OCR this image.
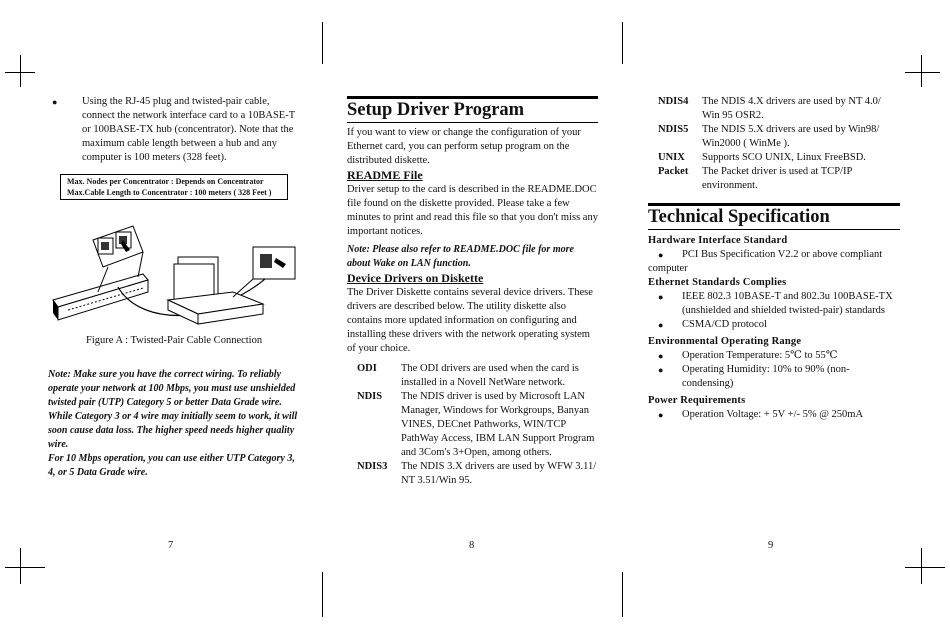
● Using the RJ-45 plug and twisted-pair cable, connect the network interface card to a 10BASE-T or 100BASE-TX hub (concentrator). Note that the maximum cable length between a hub and any computer is 100 meters (328 feet).
Max. Nodes per Concentrator : Depends on Concentrator
Max.Cable Length to Concentrator : 100 meters ( 328 Feet )
Figure A : Twisted-Pair Cable Connection
Note: Make sure you have the correct wiring. To reliably operate your network at 100 Mbps, you must use unshielded twisted pair (UTP) Category 5 or better Data Grade wire. While Category 3 or 4 wire may initially seem to work, it will soon cause data loss. The higher speed needs higher quality wire.
For 10 Mbps operation, you can use either UTP Category 3, 4, or 5 Data Grade wire.
7
Setup Driver Program
If you want to view or change the configuration of your Ethernet card, you can perform setup program on the distributed diskette.
README File
Driver setup to the card is described in the README.DOC file found on the diskette provided. Please take a few minutes to print and read this file so that you don't miss any important notices.
Note: Please also refer to README.DOC file for more about Wake on LAN function.
Device Drivers on Diskette
The Driver Diskette contains several device drivers. These drivers are described below. The utility diskette also contains more updated information on configuring and installing these drivers with the network operating system of your choice.
ODI	The ODI drivers are used when the card is installed in a Novell NetWare network.
NDIS	The NDIS driver is used by Microsoft LAN Manager, Windows for Workgroups, Banyan VINES, DECnet Pathworks, WIN/TCP PathWay Access, IBM LAN Support Program and 3Com's 3+Open, among others.
NDIS3	The NDIS 3.X drivers are used by WFW 3.11/ NT 3.51/Win 95.
8
NDIS4	The NDIS 4.X drivers are used by NT 4.0/ Win 95 OSR2.
NDIS5	The NDIS 5.X drivers are used by Win98/ Win2000 ( WinMe ).
UNIX	Supports SCO UNIX, Linux FreeBSD.
Packet	The Packet driver is used at TCP/IP environment.
Technical Specification
Hardware Interface Standard
● PCI Bus Specification V2.2 or above compliant
computer
Ethernet Standards Complies
● IEEE 802.3 10BASE-T and 802.3u 100BASE-TX (unshielded and shielded twisted-pair) standards
● CSMA/CD protocol
Environmental Operating Range
● Operation Temperature: 5℃ to 55℃
● Operating Humidity: 10% to 90% (non-condensing)
Power Requirements
● Operation Voltage: + 5V +/- 5% @ 250mA
9
